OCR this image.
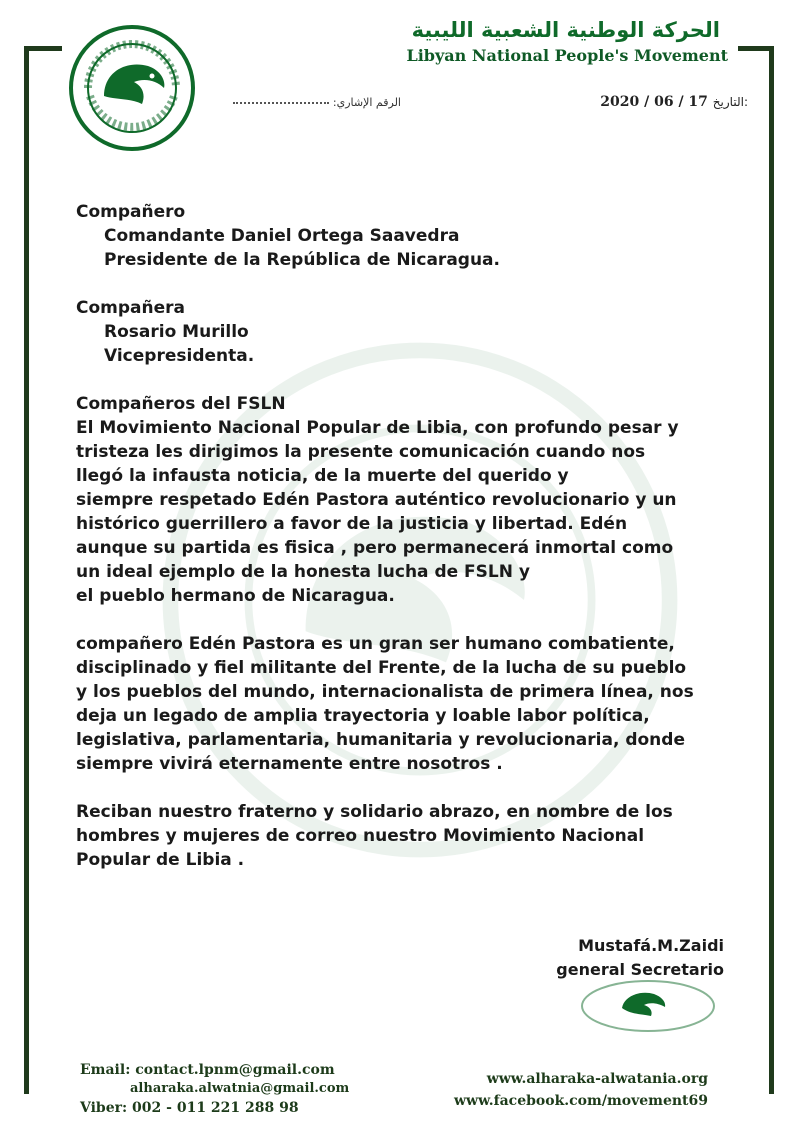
الحركة الوطنية الشعبية الليبية
Libyan National People's Movement
الرقم الإشاري:	2020 / 06 / 17 التاريخ:
Compañero
Comandante Daniel Ortega Saavedra
Presidente de la República de Nicaragua.
Compañera
Rosario Murillo
Vicepresidenta.
Compañeros del FSLN
El Movimiento Nacional Popular de Libia, con profundo pesar y
tristeza les dirigimos la presente comunicación cuando nos
llegó la infausta noticia, de la muerte del querido y
siempre respetado Edén Pastora auténtico revolucionario y un
histórico guerrillero a favor de la justicia y libertad. Edén
aunque su partida es fisica , pero permanecerá inmortal como
un ideal ejemplo de la honesta lucha de FSLN y
el pueblo hermano de Nicaragua.
compañero Edén Pastora es un gran ser humano combatiente,
disciplinado y fiel militante del Frente, de la lucha de su pueblo
y los pueblos del mundo, internacionalista de primera línea, nos
deja un legado de amplia trayectoria y loable labor política,
legislativa, parlamentaria, humanitaria y revolucionaria, donde
siempre vivirá eternamente entre nosotros .
Reciban nuestro fraterno y solidario abrazo, en nombre de los
hombres y mujeres de correo nuestro Movimiento Nacional
Popular de Libia .
Mustafá.M.Zaidi
general Secretario
Email: contact.lpnm@gmail.com
alharaka.alwatnia@gmail.com
Viber: 002 - 011 221 288 98
www.alharaka-alwatania.org
www.facebook.com/movement69
